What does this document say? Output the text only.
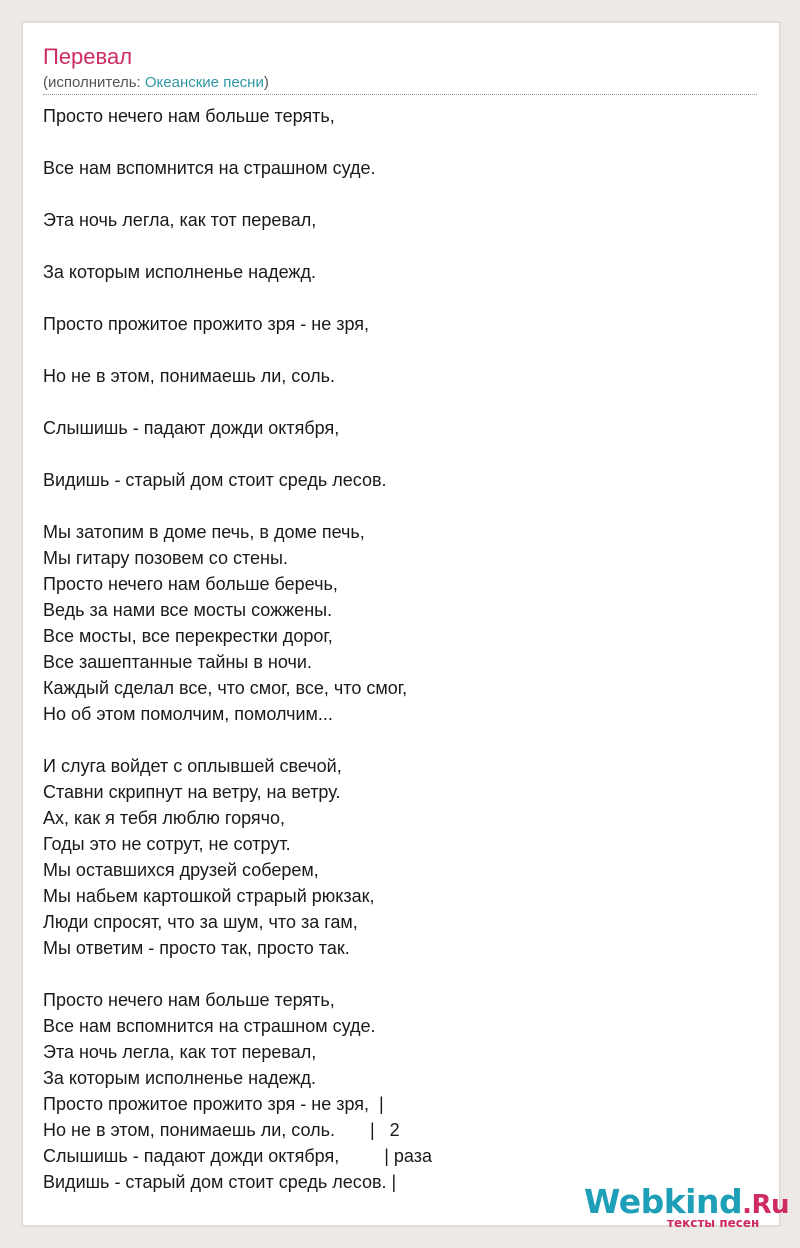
Перевал
(исполнитель: Океанские песни)
Просто нечего нам больше терять,

Все нам вспомнится на страшном суде.

Эта ночь легла, как тот перевал,

За которым исполненье надежд.

Просто прожитое прожито зря - не зря,

Но не в этом, понимаешь ли, соль.

Слышишь - падают дожди октября,

Видишь - старый дом стоит средь лесов.

Мы затопим в доме печь, в доме печь,
Мы гитару позовем со стены.
Просто нечего нам больше беречь,
Ведь за нами все мосты сожжены.
Все мосты, все перекрестки дорог,
Все зашептанные тайны в ночи.
Каждый сделал все, что смог, все, что смог,
Но об этом помолчим, помолчим...

И слуга войдет с оплывшей свечой,
Ставни скрипнут на ветру, на ветру.
Ах, как я тебя люблю горячо,
Годы это не сотрут, не сотрут.
Мы оставшихся друзей соберем,
Мы набьем картошкой страрый рюкзак,
Люди спросят, что за шум, что за гам,
Мы ответим - просто так, просто так.

Просто нечего нам больше терять,
Все нам вспомнится на страшном суде.
Эта ночь легла, как тот перевал,
За которым исполненье надежд.
Просто прожитое прожито зря - не зря,  |
Но не в этом, понимаешь ли, соль.       |   2
Слышишь - падают дожди октября,         | раза
Видишь - старый дом стоит средь лесов. |	Webkind.Ru
тексты песен
